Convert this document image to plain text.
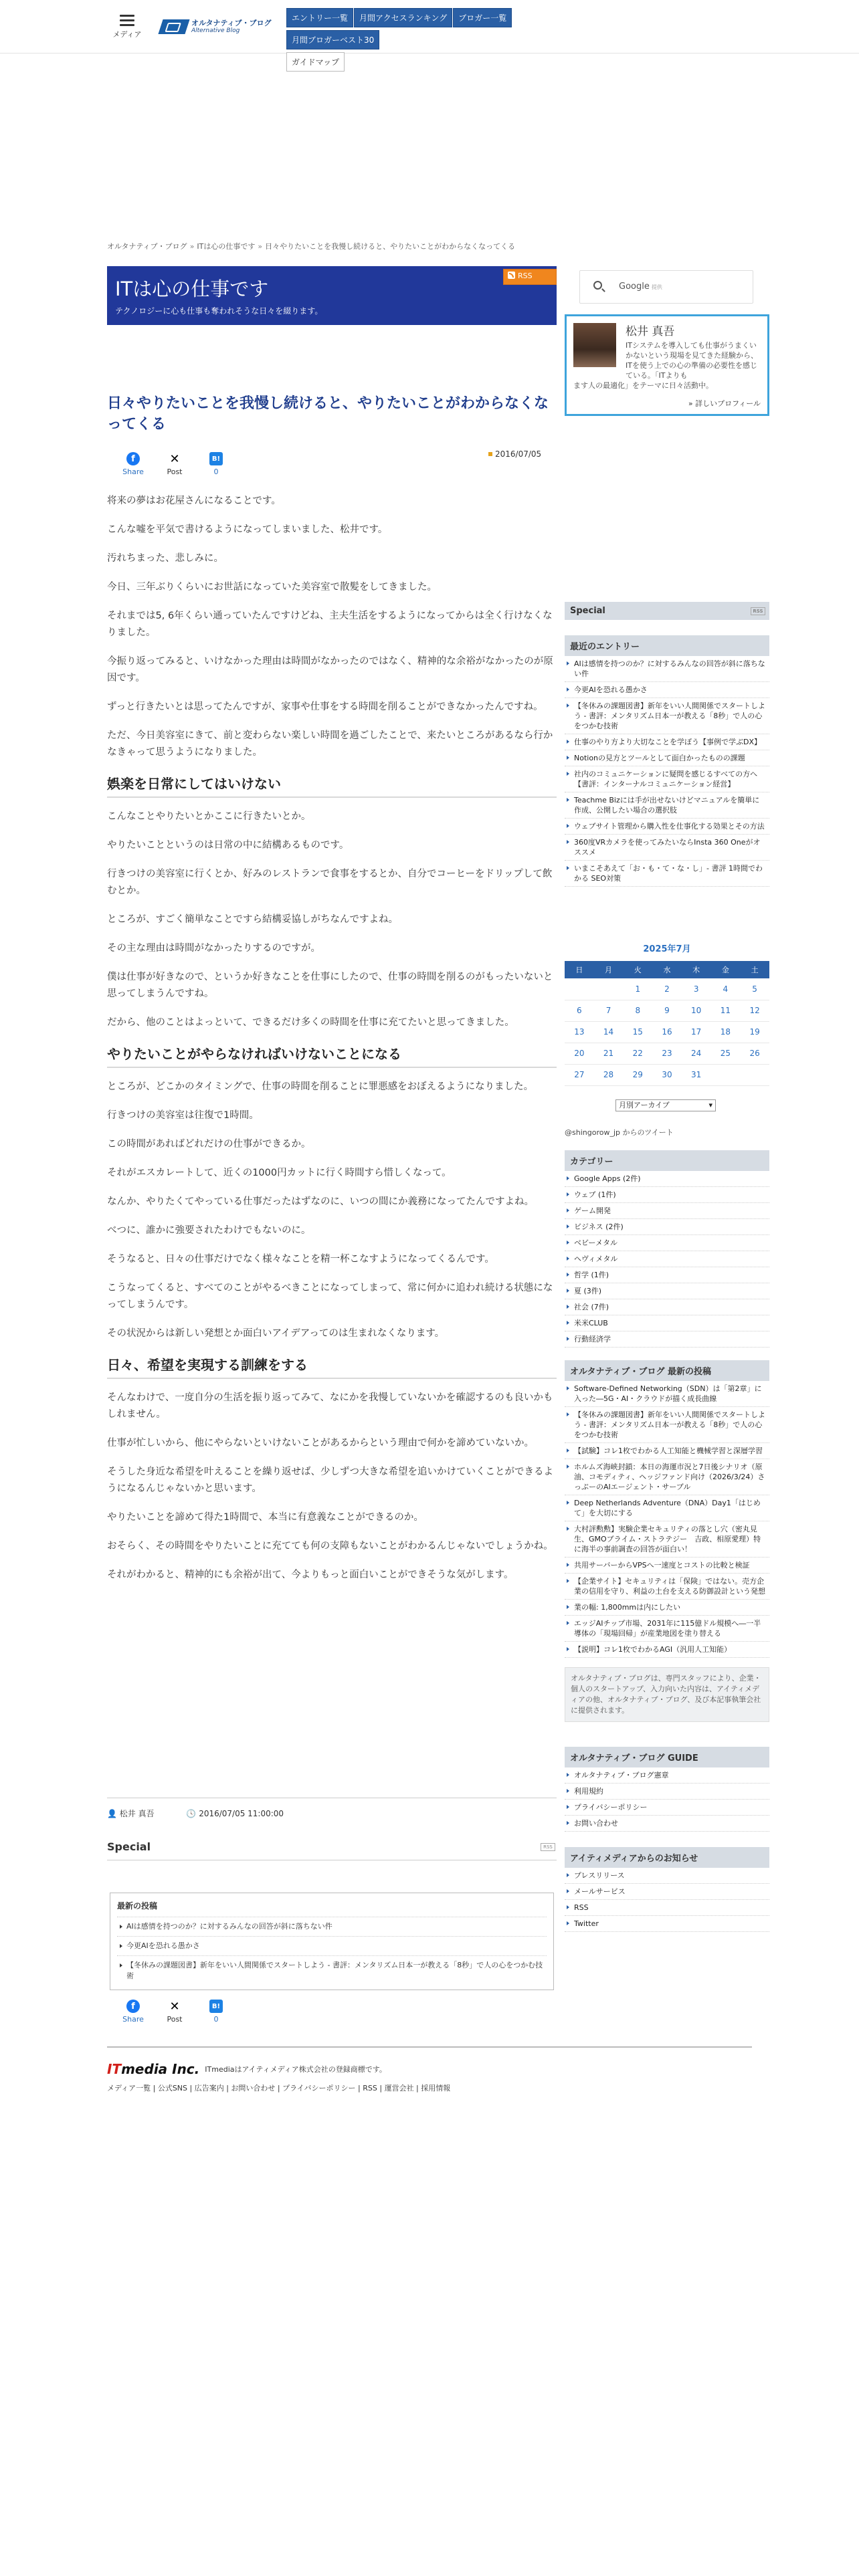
メディア
オルタナティブ・ブログ
Alternative Blog
エントリー一覧 月間アクセスランキング ブロガー一覧月間ブロガーベスト30
ガイドマップ
オルタナティブ・ブログ » ITは心の仕事です » 日々やりたいことを我慢し続けると、やりたいことがわからなくなってくる
ITは心の仕事です
テクノロジーに心も仕事も奪われそうな日々を綴ります。
RSS
日々やりたいことを我慢し続けると、やりたいことがわからなくなってくる
f
Share
✕
Post
B!
0
2016/07/05

将来の夢はお花屋さんになることです。

こんな嘘を平気で書けるようになってしまいました、松井です。

汚れちまった、悲しみに。

今日、三年ぶりくらいにお世話になっていた美容室で散髪をしてきました。

それまでは5, 6年くらい通っていたんですけどね、主夫生活をするようになってからは全く行けなくなりました。

今振り返ってみると、いけなかった理由は時間がなかったのではなく、精神的な余裕がなかったのが原因です。

ずっと行きたいとは思ってたんですが、家事や仕事をする時間を削ることができなかったんですね。

ただ、今日美容室にきて、前と変わらない楽しい時間を過ごしたことで、来たいところがあるなら行かなきゃって思うようになりました。

娯楽を日常にしてはいけない

こんなことやりたいとかここに行きたいとか。

やりたいことというのは日常の中に結構あるものです。

行きつけの美容室に行くとか、好みのレストランで食事をするとか、自分でコーヒーをドリップして飲むとか。

ところが、すごく簡単なことですら結構妥協しがちなんですよね。

その主な理由は時間がなかったりするのですが。

僕は仕事が好きなので、というか好きなことを仕事にしたので、仕事の時間を削るのがもったいないと思ってしまうんですね。

だから、他のことはよっといて、できるだけ多くの時間を仕事に充てたいと思ってきました。

やりたいことがやらなければいけないことになる

ところが、どこかのタイミングで、仕事の時間を削ることに罪悪感をおぼえるようになりました。

行きつけの美容室は往復で1時間。

この時間があればどれだけの仕事ができるか。

それがエスカレートして、近くの1000円カットに行く時間すら惜しくなって。

なんか、やりたくてやっている仕事だったはずなのに、いつの間にか義務になってたんですよね。

べつに、誰かに強要されたわけでもないのに。

そうなると、日々の仕事だけでなく様々なことを精一杯こなすようになってくるんです。

こうなってくると、すべてのことがやるべきことになってしまって、常に何かに追われ続ける状態になってしまうんです。

その状況からは新しい発想とか面白いアイデアってのは生まれなくなります。

日々、希望を実現する訓練をする

そんなわけで、一度自分の生活を振り返ってみて、なにかを我慢していないかを確認するのも良いかもしれません。

仕事が忙しいから、他にやらないといけないことがあるからという理由で何かを諦めていないか。

そうした身近な希望を叶えることを繰り返せば、少しずつ大きな希望を追いかけていくことができるようになるんじゃないかと思います。

やりたいことを諦めて得た1時間で、本当に有意義なことができるのか。

おそらく、その時間をやりたいことに充てても何の支障もないことがわかるんじゃないでしょうかね。

それがわかると、精神的にも余裕が出て、今よりもっと面白いことができそうな気がします。

👤 松井 真吾	🕓 2016/07/05 11:00:00
Special	RSS
最新の投稿
AIは感情を持つのか？に対するみんなの回答が斜に落ちない件
今更AIを恐れる愚かさ
【冬休みの課題図書】新年をいい人間関係でスタートしよう - 書評：メンタリズム日本一が教える「8秒」で人の心をつかむ技術
f
Share
✕
Post
B!
0
Google 提供
松井 真吾
ITシステムを導入しても仕事がうまくいかないという現場を見てきた経験から、ITを使う上での心の準備の必要性を感じている。「ITよりも
ます人の最適化」をテーマに日々活動中。
» 詳しいプロフィール
Special	RSS
最近のエントリー
AIは感情を持つのか？に対するみんなの回答が斜に落ちない件
今更AIを恐れる愚かさ
【冬休みの課題図書】新年をいい人間関係でスタートしよう - 書評：メンタリズム日本一が教える「8秒」で人の心をつかむ技術
仕事のやり方より大切なことを学ぼう【事例で学ぶDX】
Notionの見方とツールとして面白かったものの課題
社内のコミュニケーションに疑問を感じるすべての方へ【書評：インターナルコミュニケーション経営】
Teachme Bizには手が出せないけどマニュアルを簡単に作成、公開したい場合の選択肢
ウェブサイト管理から購入性を仕事化する効果とその方法
360度VRカメラを使ってみたいならInsta 360 Oneがオススメ
いまこそあえて「お・も・て・な・し」- 書評 1時間でわかる SEO対策
2025年7月
日	月	火	水	木	金	土
		1	2	3	4	5
6	7	8	9	10	11	12
13	14	15	16	17	18	19
20	21	22	23	24	25	26
27	28	29	30	31		
月別アーカイブ ▾
@shingorow_jp からのツイート
カテゴリー
Google Apps (2件)
ウェブ (1件)
ゲーム開発
ビジネス (2件)
ベビーメタル
ヘヴィメタル
哲学 (1件)
夏 (3件)
社会 (7件)
米米CLUB
行動経済学
オルタナティブ・ブログ 最新の投稿
Software-Defined Networking（SDN）は「第2章」に入った―5G・AI・クラウドが描く成長曲線
【冬休みの課題図書】新年をいい人間関係でスタートしよう - 書評：メンタリズム日本一が教える「8秒」で人の心をつかむ技術
【試験】コレ1枚でわかる人工知能と機械学習と深層学習
ホルムズ海峡封鎖：本日の海運市況と7日後シナリオ（原油、コモディティ、ヘッジファンド向け（2026/3/24）さっぷーのAIエージェント・サーブル
Deep Netherlands Adventure（DNA）Day1「はじめて」を大切にする
大村評勲勲】実験企業セキュリティの落とし穴（密丸見生、GMOブライム・ストラテジー　吉政、相原愛理）特に海半の事前調査の回答が面白い！
共用サーバーからVPSへ一速度とコストの比較と検証
【企業サイト】セキュリティは「保険」ではない。売方企業の信用を守り、利益の土台を支える防御設計という発想
業の幅: 1,800mmは内にしたい
エッジAIチップ市場、2031年に115億ドル規模へ―一半導体の「現場回帰」が産業地図を塗り替える
【説明】コレ1枚でわかるAGI（汎用人工知能）
オルタナティブ・ブログは、専門スタッフにより、企業・個人のスタートアップ、入力向いた内容は、アイティメディアの他、オルタナティブ・ブログ、及び本記事執筆会社に提供されます。
オルタナティブ・ブログ GUIDE
オルタナティブ・ブログ憲章
利用規約
プライバシーポリシー
お問い合わせ
アイティメディアからのお知らせ
プレスリリース
メールサービス
RSS
Twitter
ITmedia Inc. ITmediaはアイティメディア株式会社の登録商標です。
メディア一覧 | 公式SNS | 広告案内 | お問い合わせ | プライバシーポリシー | RSS | 運営会社 | 採用情報
